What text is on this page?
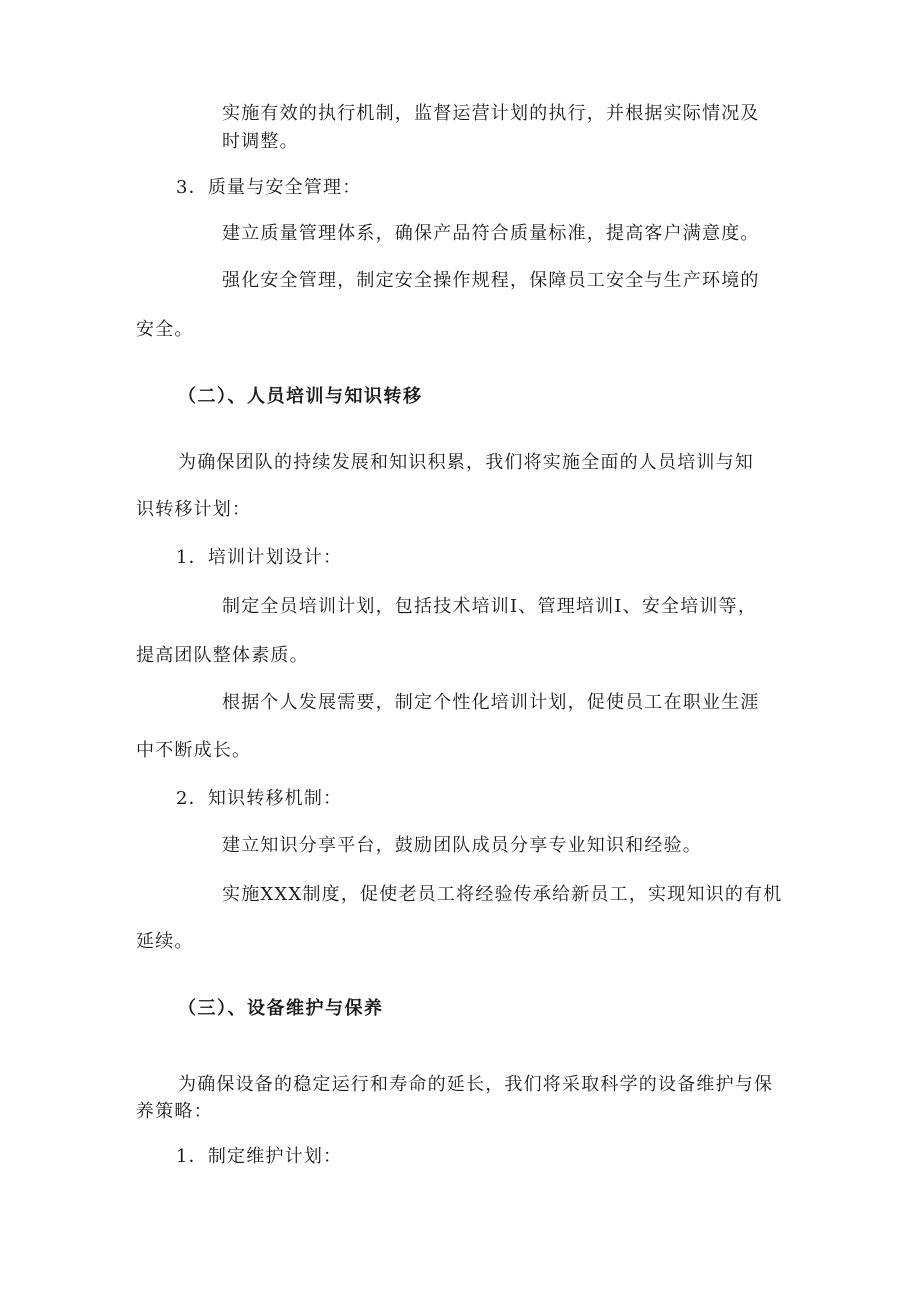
实施有效的执行机制，监督运营计划的执行，并根据实际情况及
时调整。
3．质量与安全管理：
建立质量管理体系，确保产品符合质量标准，提高客户满意度。
强化安全管理，制定安全操作规程，保障员工安全与生产环境的
安全。
（二）、人员培训与知识转移
为确保团队的持续发展和知识积累，我们将实施全面的人员培训与知
识转移计划：
1．培训计划设计：
制定全员培训计划，包括技术培训I、管理培训I、安全培训等，
提高团队整体素质。
根据个人发展需要，制定个性化培训计划，促使员工在职业生涯
中不断成长。
2．知识转移机制：
建立知识分享平台，鼓励团队成员分享专业知识和经验。
实施XXX制度，促使老员工将经验传承给新员工，实现知识的有机
延续。
（三）、设备维护与保养
为确保设备的稳定运行和寿命的延长，我们将采取科学的设备维护与保
养策略：
1．制定维护计划：
